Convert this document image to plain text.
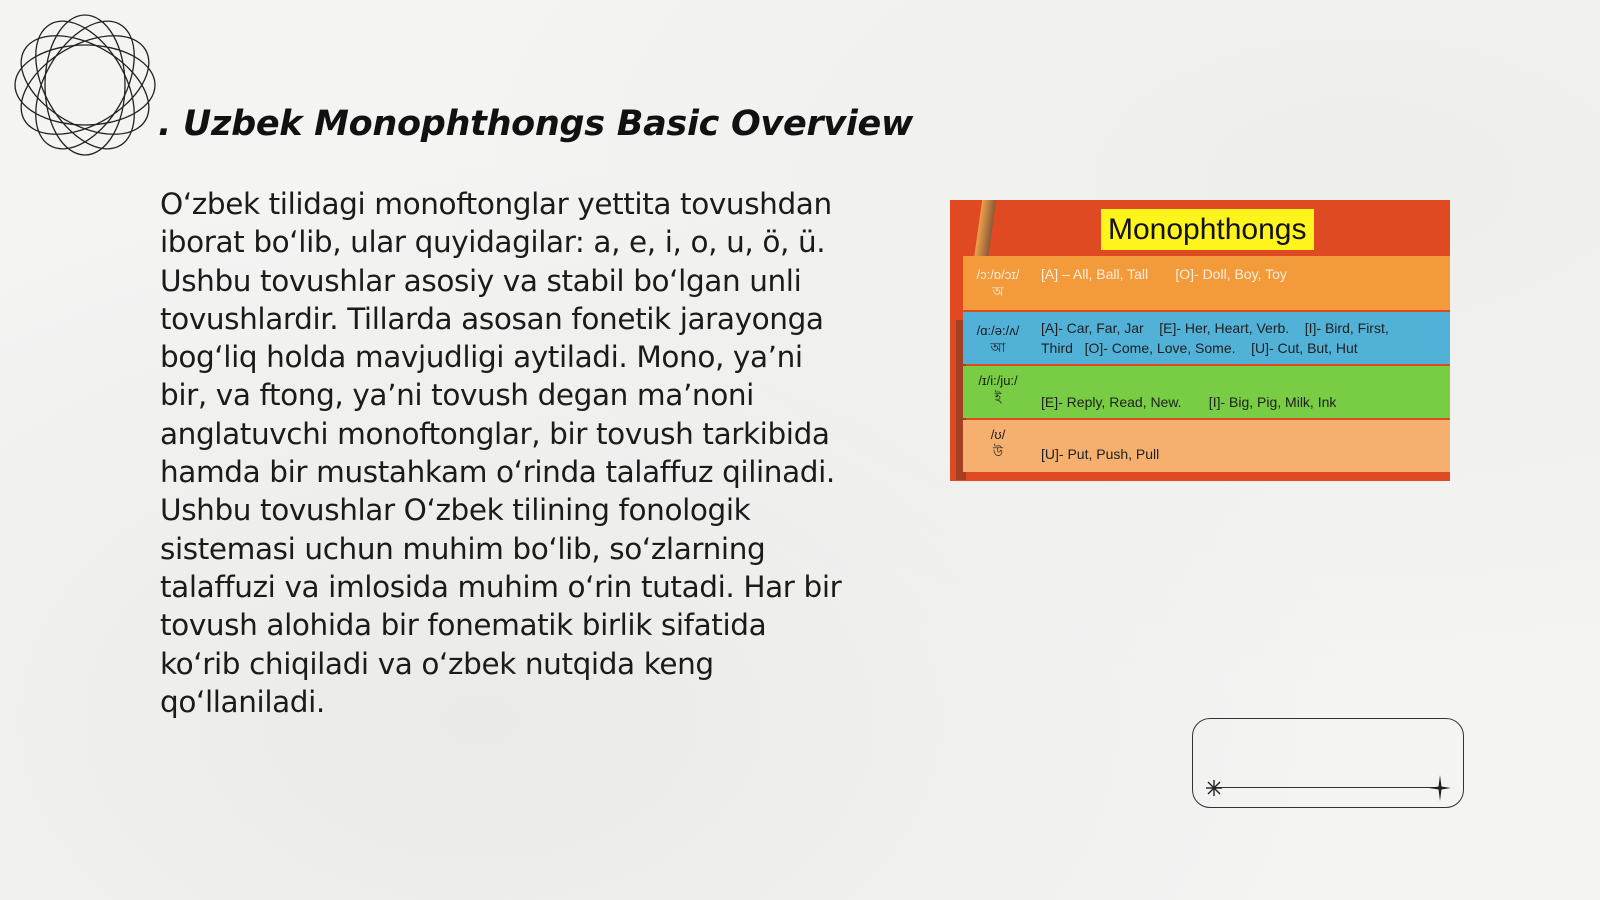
. Uzbek Monophthongs Basic Overview
O‘zbek tilidagi monoftonglar yettita tovushdan iborat bo‘lib, ular quyidagilar: a, e, i, o, u, ö, ü. Ushbu tovushlar asosiy va stabil bo‘lgan unli tovushlardir. Tillarda asosan fonetik jarayonga bog‘liq holda mavjudligi aytiladi. Mono, ya’ni bir, va ftong, ya’ni tovush degan ma’noni anglatuvchi monoftonglar, bir tovush tarkibida hamda bir mustahkam o‘rinda talaffuz qilinadi. Ushbu tovushlar O‘zbek tilining fonologik sistemasi uchun muhim bo‘lib, so‘zlarning talaffuzi va imlosida muhim o‘rin tutadi. Har bir tovush alohida bir fonematik birlik sifatida ko‘rib chiqiladi va o‘zbek nutqida keng qo‘llaniladi.
Monophthongs
/ɔ:/ɒ/ɔɪ/
অ
[A] – All, Ball, Tall       [O]- Doll, Boy, Toy
/ɑ:/ə:/ʌ/
আ
[A]- Car, Far, Jar    [E]- Her, Heart, Verb.    [I]- Bird, First,
Third   [O]- Come, Love, Some.    [U]- Cut, But, Hut
/ɪ/i:/ju:/
ই	[E]- Reply, Read, New.       [I]- Big, Pig, Milk, Ink
/ʊ/
উ	[U]- Put, Push, Pull
